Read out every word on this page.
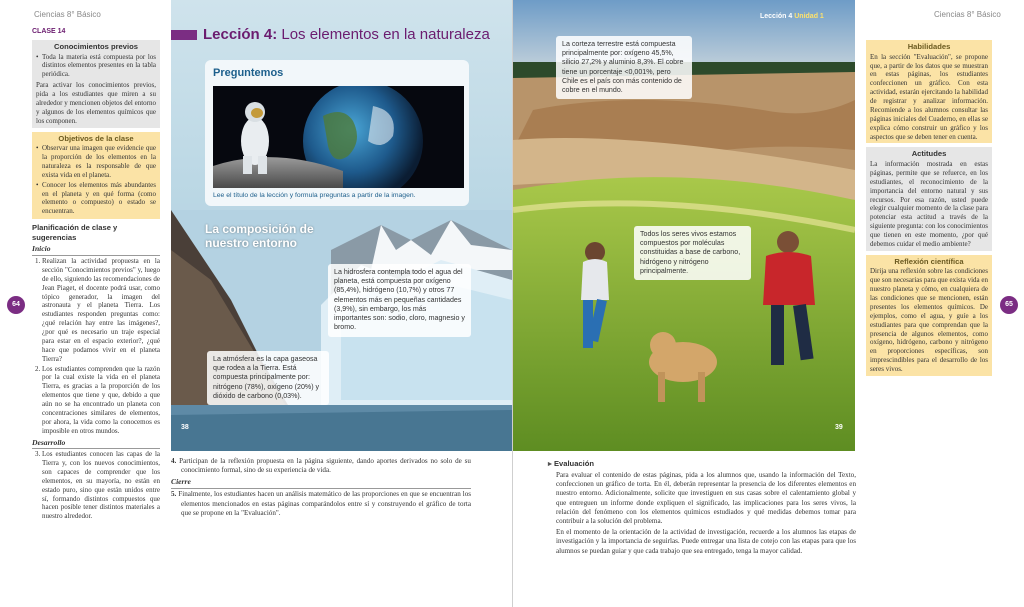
Ciencias 8° Básico	Ciencias 8° Básico
CLASE 14
Conocimientos previos
• Toda la materia está compuesta por los distintos elementos presentes en la tabla periódica.
Para activar los conocimientos previos, pida a los estudiantes que miren a su alrededor y mencionen objetos del entorno y algunos de los elementos químicos que los componen.
Objetivos de la clase
• Observar una imagen que evidencie que la proporción de los elementos en la naturaleza es la responsable de que exista vida en el planeta.
• Conocer los elementos más abundantes en el planeta y en qué forma (como elemento o compuesto) o estado se encuentran.
Planificación de clase y sugerencias
Inicio
1. Realizan la actividad propuesta en la sección "Conocimientos previos" y, luego de ello, siguiendo las recomendaciones de Jean Piaget, el docente podrá usar, como tópico generador, la imagen del astronauta y el planeta Tierra. Los estudiantes responden preguntas como: ¿qué relación hay entre las imágenes?, ¿por qué es necesario un traje especial para estar en el espacio exterior?, ¿qué hace que podamos vivir en el planeta Tierra?
2. Los estudiantes comprenden que la razón por la cual existe la vida en el planeta Tierra, es gracias a la proporción de los elementos que tiene y que, debido a que aún no se ha encontrado un planeta con concentraciones similares de elementos, por ahora, la vida como la conocemos es imposible en otros mundos.
Desarrollo
3. Los estudiantes conocen las capas de la Tierra y, con los nuevos conocimientos, son capaces de comprender que los elementos, en su mayoría, no están en estado puro, sino que están unidos entre sí, formando distintos compuestos que hacen posible tener distintos materiales a nuestro alrededor.
64
Lección 4: Los elementos en la naturaleza
Preguntemos
Lee el título de la lección y formula preguntas a partir de la imagen.
La composición de nuestro entorno
La hidrosfera contempla todo el agua del planeta, está compuesta por oxígeno (85,4%), hidrógeno (10,7%) y otros 77 elementos más en pequeñas cantidades (3,9%), sin embargo, los más importantes son: sodio, cloro, magnesio y bromo.
La atmósfera es la capa gaseosa que rodea a la Tierra. Está compuesta principalmente por: nitrógeno (78%), oxígeno (20%) y dióxido de carbono (0,03%).
38
Lección 4 Unidad 1
La corteza terrestre está compuesta principalmente por: oxígeno 45,5%, silicio 27,2% y aluminio 8,3%. El cobre tiene un porcentaje <0,001%, pero Chile es el país con más contenido de cobre en el mundo.
Todos los seres vivos estamos compuestos por moléculas constituidas a base de carbono, hidrógeno y nitrógeno principalmente.
39
4. Participan de la reflexión propuesta en la página siguiente, dando aportes derivados no solo de su conocimiento formal, sino de su experiencia de vida.
Cierre
5. Finalmente, los estudiantes hacen un análisis matemático de las proporciones en que se encuentran los elementos mencionados en estas páginas comparándolos entre sí y construyendo el gráfico de torta que se propone en la "Evaluación".
▸ Evaluación
Para evaluar el contenido de estas páginas, pida a los alumnos que, usando la información del Texto, confeccionen un gráfico de torta. En él, deberán representar la presencia de los diferentes elementos en nuestro entorno. Adicionalmente, solicite que investiguen en sus casas sobre el calentamiento global y que entreguen un informe donde expliquen el significado, las implicaciones para los seres vivos, la relación del fenómeno con los elementos químicos estudiados y qué medidas debemos tomar para contribuir a la solución del problema.
En el momento de la orientación de la actividad de investigación, recuerde a los alumnos las etapas de investigación y la importancia de seguirlas. Puede entregar una lista de cotejo con las etapas para que los alumnos se puedan guiar y que cada trabajo que sea entregado, tenga la mayor calidad.
Habilidades
En la sección "Evaluación", se propone que, a partir de los datos que se muestran en estas páginas, los estudiantes confeccionen un gráfico. Con esta actividad, estarán ejercitando la habilidad de registrar y analizar información. Recomiende a los alumnos consultar las páginas iniciales del Cuaderno, en ellas se explica cómo construir un gráfico y los aspectos que se deben tener en cuenta.
Actitudes
La información mostrada en estas páginas, permite que se refuerce, en los estudiantes, el reconocimiento de la importancia del entorno natural y sus recursos. Por esa razón, usted puede elegir cualquier momento de la clase para potenciar esta actitud a través de la siguiente pregunta: con los conocimientos que tienen en este momento, ¿por qué debemos cuidar el medio ambiente?
Reflexión científica
Dirija una reflexión sobre las condiciones que son necesarias para que exista vida en nuestro planeta y cómo, en cualquiera de las condiciones que se mencionen, están presentes los elementos químicos. De ejemplos, como el agua, y guíe a los estudiantes para que comprendan que la presencia de algunos elementos, como oxígeno, hidrógeno, carbono y nitrógeno en proporciones específicas, son imprescindibles para el desarrollo de los seres vivos.
65
